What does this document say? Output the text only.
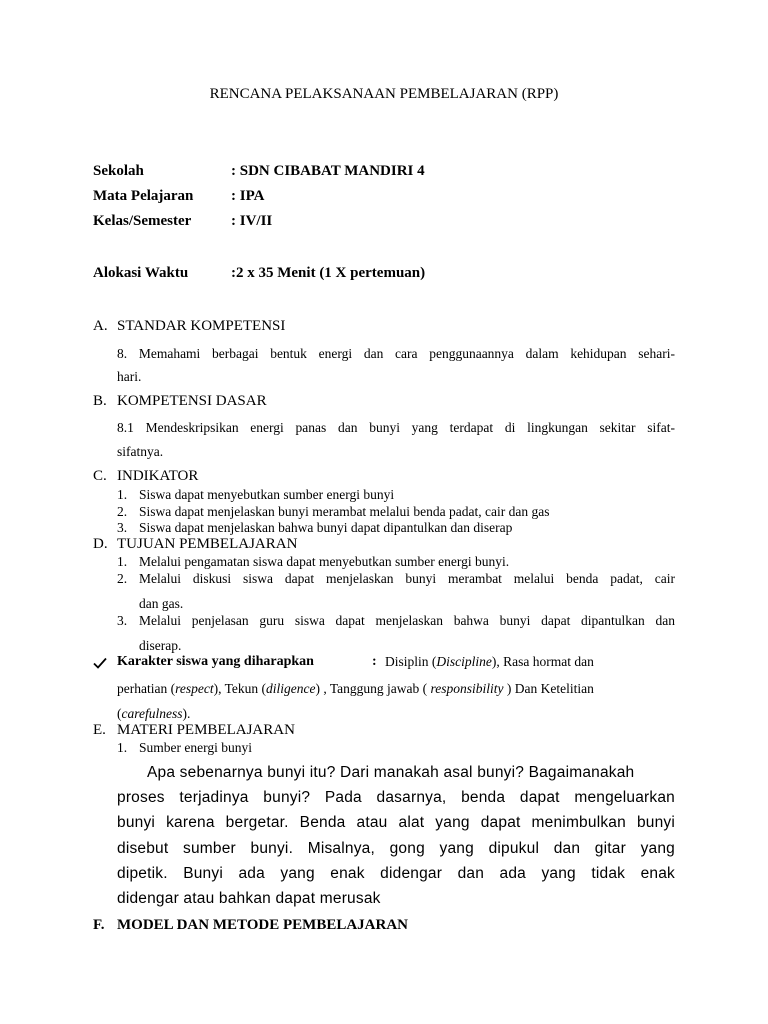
RENCANA PELAKSANAAN PEMBELAJARAN (RPP)
Sekolah	: SDN CIBABAT MANDIRI 4
Mata Pelajaran	: IPA
Kelas/Semester	: IV/II
Alokasi Waktu	:2 x 35 Menit (1 X pertemuan)
A. STANDAR KOMPETENSI
8. Memahami berbagai bentuk energi dan cara penggunaannya dalam kehidupan sehari-
hari.
B. KOMPETENSI DASAR
8.1 Mendeskripsikan energi panas dan bunyi yang terdapat di lingkungan sekitar sifat-
sifatnya.
C. INDIKATOR
1. Siswa dapat menyebutkan sumber energi bunyi
2. Siswa dapat menjelaskan bunyi merambat melalui benda padat, cair dan gas
3. Siswa dapat menjelaskan bahwa bunyi dapat dipantulkan dan diserap
D. TUJUAN PEMBELAJARAN
1. Melalui pengamatan siswa dapat menyebutkan sumber energi bunyi.
2. Melalui diskusi siswa dapat menjelaskan bunyi merambat melalui benda padat, cair
dan gas.
3. Melalui penjelasan guru siswa dapat menjelaskan bahwa bunyi dapat dipantulkan dan
diserap.
Karakter siswa yang diharapkan	: Disiplin (Discipline), Rasa hormat dan
perhatian (respect), Tekun (diligence) , Tanggung jawab ( responsibility ) Dan Ketelitian
(carefulness).
E. MATERI PEMBELAJARAN
1. Sumber energi bunyi
Apa sebenarnya bunyi itu? Dari manakah asal bunyi? Bagaimanakah
proses terjadinya bunyi? Pada dasarnya, benda dapat mengeluarkan
bunyi karena bergetar. Benda atau alat yang dapat menimbulkan bunyi
disebut sumber bunyi. Misalnya, gong yang dipukul dan gitar yang
dipetik. Bunyi ada yang enak didengar dan ada yang tidak enak
didengar atau bahkan dapat merusak
F. MODEL DAN METODE PEMBELAJARAN
